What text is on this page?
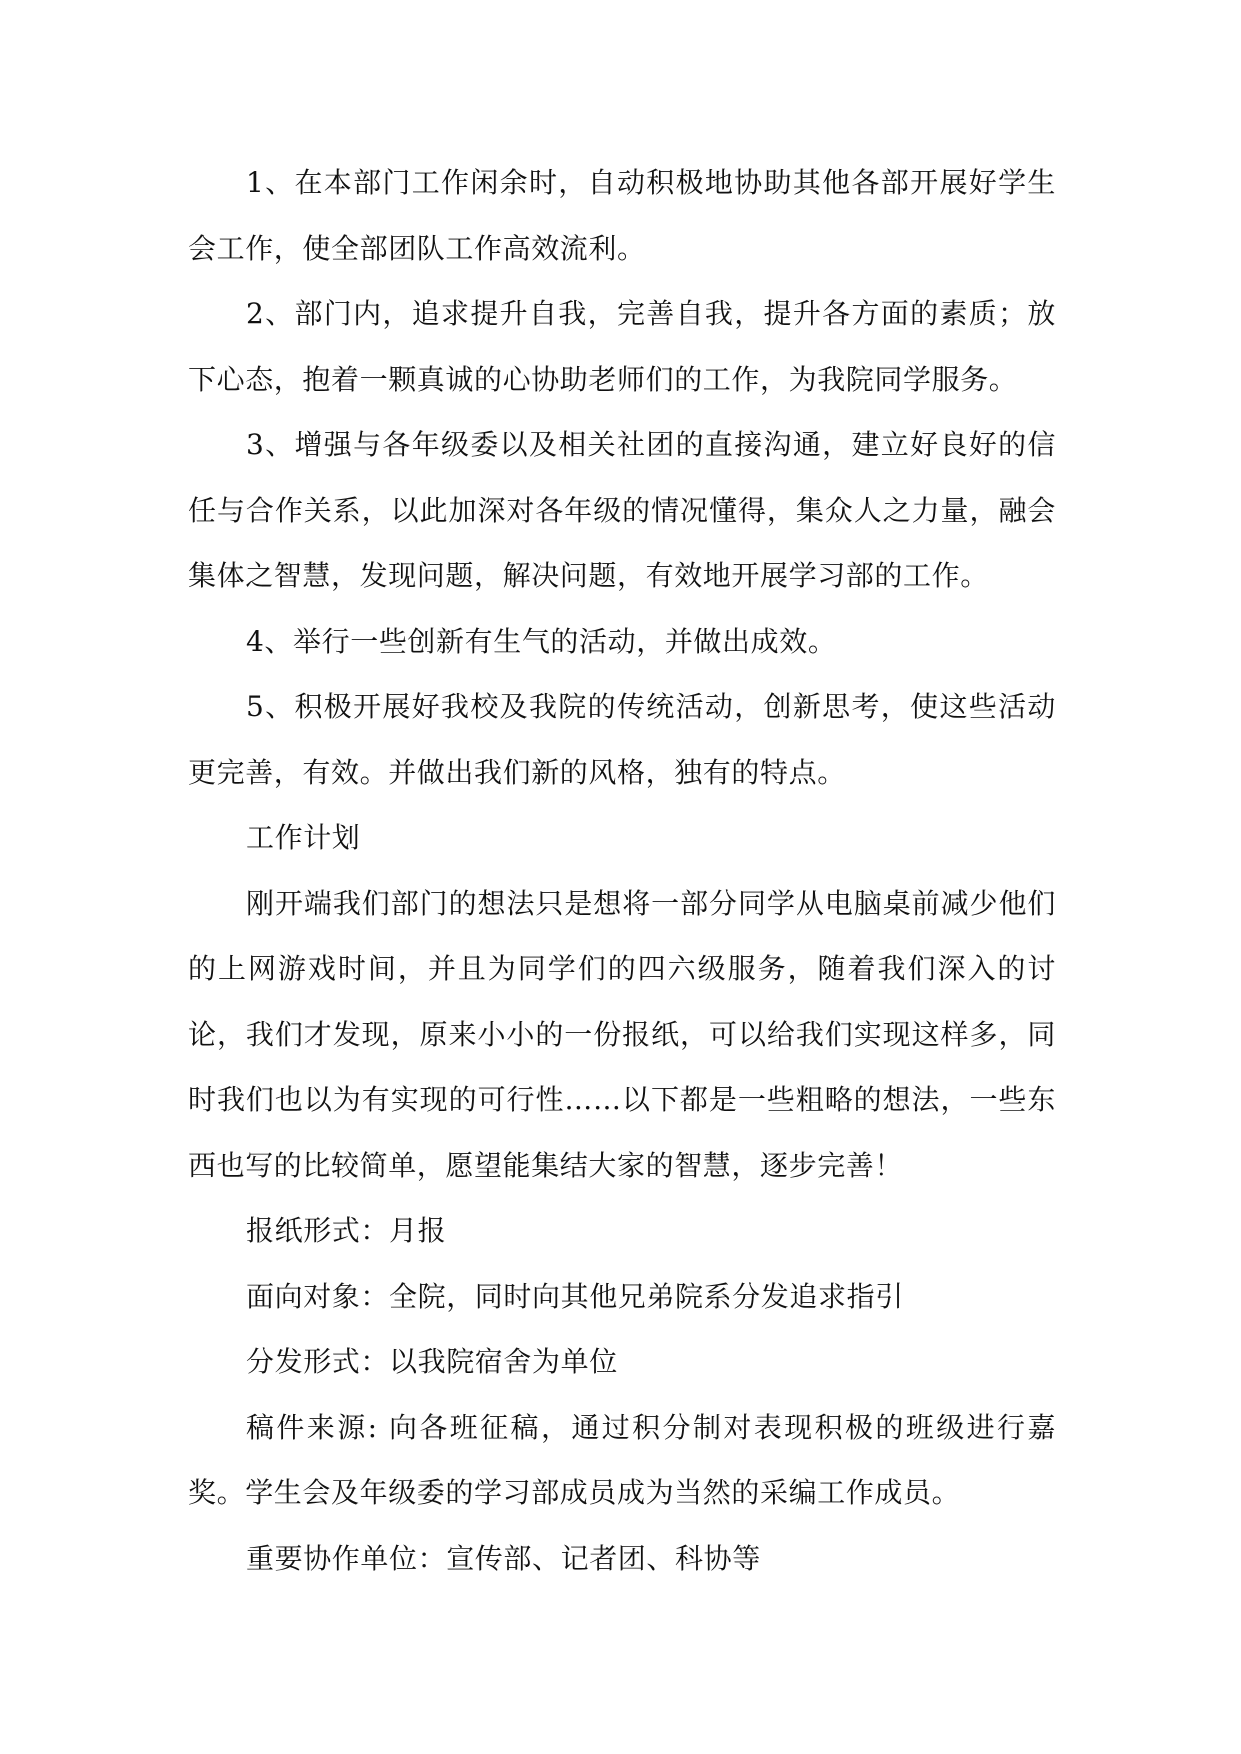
1、在本部门工作闲余时，自动积极地协助其他各部开展好学生会工作，使全部团队工作高效流利。

2、部门内，追求提升自我，完善自我，提升各方面的素质；放下心态，抱着一颗真诚的心协助老师们的工作，为我院同学服务。

3、增强与各年级委以及相关社团的直接沟通，建立好良好的信任与合作关系，以此加深对各年级的情况懂得，集众人之力量，融会集体之智慧，发现问题，解决问题，有效地开展学习部的工作。

4、举行一些创新有生气的活动，并做出成效。

5、积极开展好我校及我院的传统活动，创新思考，使这些活动更完善，有效。并做出我们新的风格，独有的特点。

工作计划

刚开端我们部门的想法只是想将一部分同学从电脑桌前减少他们的上网游戏时间，并且为同学们的四六级服务，随着我们深入的讨论，我们才发现，原来小小的一份报纸，可以给我们实现这样多，同时我们也以为有实现的可行性……以下都是一些粗略的想法，一些东西也写的比较简单，愿望能集结大家的智慧，逐步完善！

报纸形式：月报

面向对象：全院，同时向其他兄弟院系分发追求指引

分发形式：以我院宿舍为单位

稿件来源: 向各班征稿，通过积分制对表现积极的班级进行嘉奖。学生会及年级委的学习部成员成为当然的采编工作成员。

重要协作单位：宣传部、记者团、科协等
